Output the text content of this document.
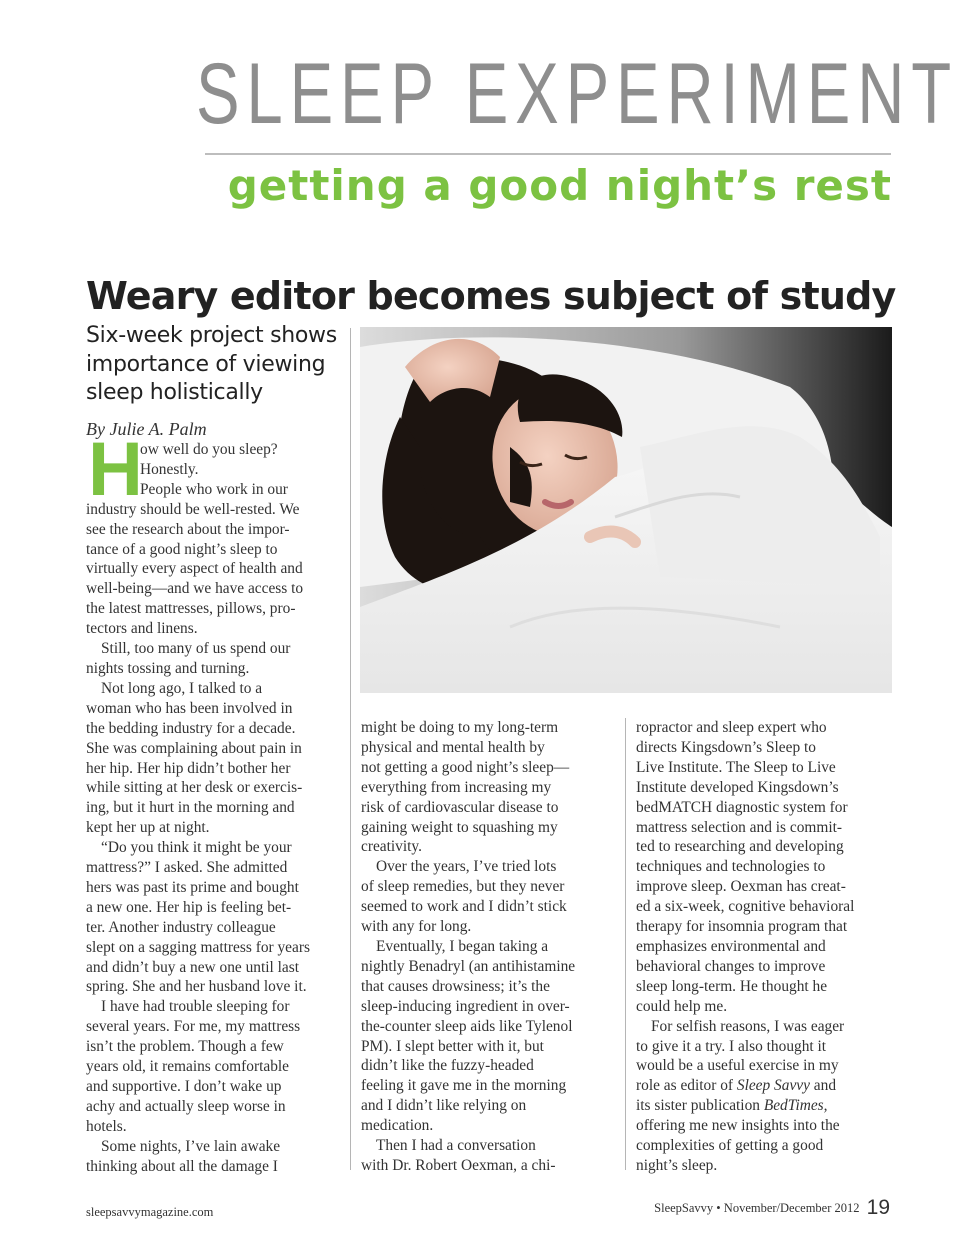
SLEEP EXPERIMENT
getting a good night’s rest
Weary editor becomes subject of study
Six-week project shows importance of viewing sleep holistically
By Julie A. Palm
H

ow well do you sleep?

Honestly.

People who work in our

industry should be well-rested. We

see the research about the impor-

tance of a good night’s sleep to

virtually every aspect of health and

well-being—and we have access to

the latest mattresses, pillows, pro-

tectors and linens.

Still, too many of us spend our

nights tossing and turning.

Not long ago, I talked to a

woman who has been involved in

the bedding industry for a decade.

She was complaining about pain in

her hip. Her hip didn’t bother her

while sitting at her desk or exercis-

ing, but it hurt in the morning and

kept her up at night.

“Do you think it might be your

mattress?” I asked. She admitted

hers was past its prime and bought

a new one. Her hip is feeling bet-

ter. Another industry colleague

slept on a sagging mattress for years

and didn’t buy a new one until last

spring. She and her husband love it.

I have had trouble sleeping for

several years. For me, my mattress

isn’t the problem. Though a few

years old, it remains comfortable

and supportive. I don’t wake up

achy and actually sleep worse in

hotels.

Some nights, I’ve lain awake

thinking about all the damage I

might be doing to my long-term

physical and mental health by

not getting a good night’s sleep—

everything from increasing my

risk of cardiovascular disease to

gaining weight to squashing my

creativity.

Over the years, I’ve tried lots

of sleep remedies, but they never

seemed to work and I didn’t stick

with any for long.

Eventually, I began taking a

nightly Benadryl (an antihistamine

that causes drowsiness; it’s the

sleep-inducing ingredient in over-

the-counter sleep aids like Tylenol

PM). I slept better with it, but

didn’t like the fuzzy-headed

feeling it gave me in the morning

and I didn’t like relying on

medication.

Then I had a conversation

with Dr. Robert Oexman, a chi-

ropractor and sleep expert who

directs Kingsdown’s Sleep to

Live Institute. The Sleep to Live

Institute developed Kingsdown’s

bedMATCH diagnostic system for

mattress selection and is commit-

ted to researching and developing

techniques and technologies to

improve sleep. Oexman has creat-

ed a six-week, cognitive behavioral

therapy for insomnia program that

emphasizes environmental and

behavioral changes to improve

sleep long-term. He thought he

could help me.

For selfish reasons, I was eager

to give it a try. I also thought it

would be a useful exercise in my

role as editor of Sleep Savvy and

its sister publication BedTimes,

offering me new insights into the

complexities of getting a good

night’s sleep.

sleepsavvymagazine.com	SleepSavvy • November/December 2012 19
